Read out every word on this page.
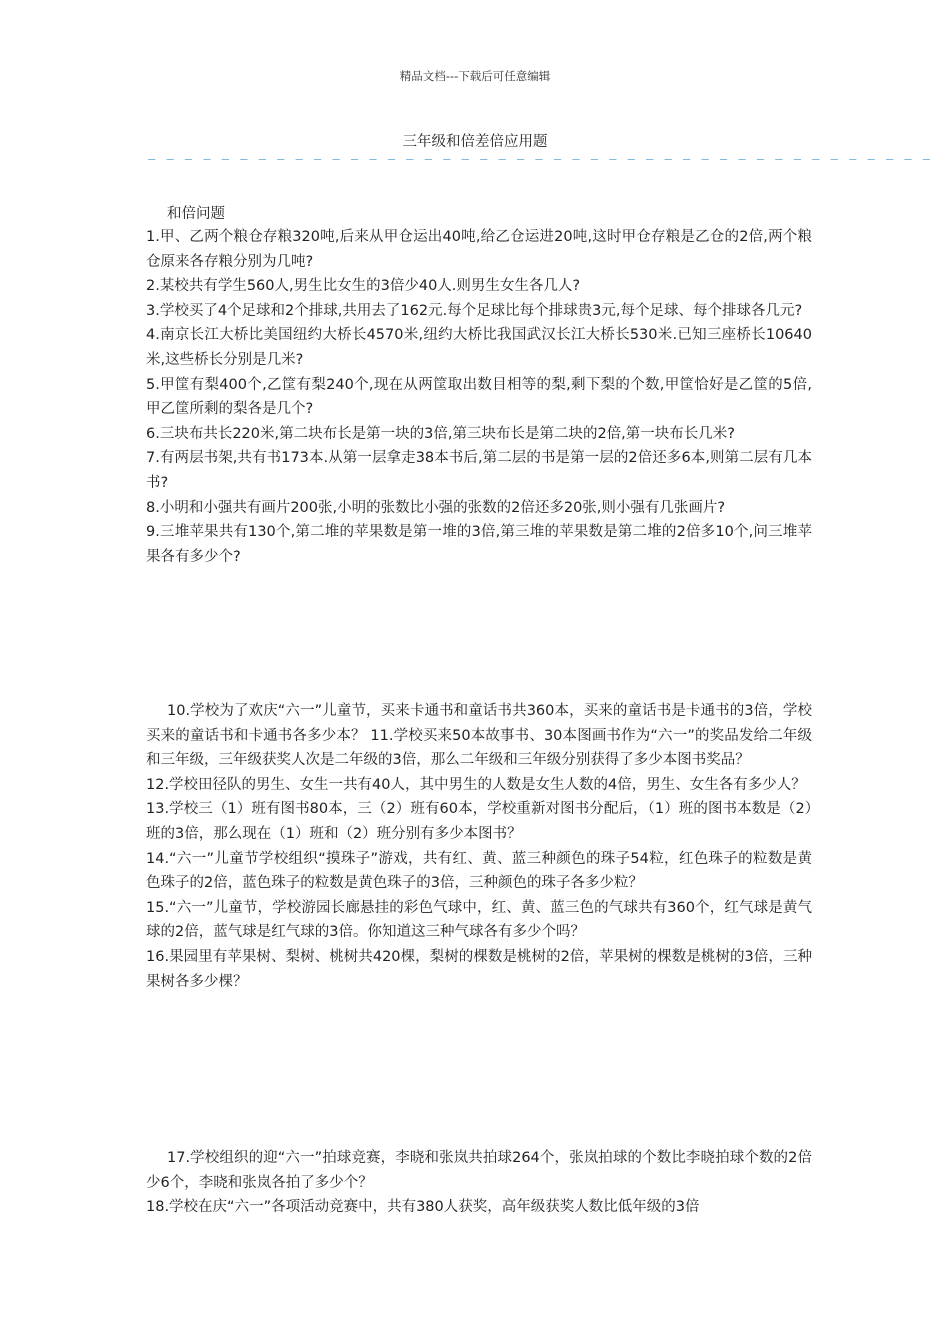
精品文档---下载后可任意编辑
三年级和倍差倍应用题
— — — — — — — — — — — — — — — — — — — — — — — — — — — — — — — — — — — — — — — — — — —
和倍问题

1.甲、乙两个粮仓存粮320吨,后来从甲仓运出40吨,给乙仓运进20吨,这时甲仓存粮是乙仓的2倍,两个粮仓原来各存粮分别为几吨?

2.某校共有学生560人,男生比女生的3倍少40人.则男生女生各几人?

3.学校买了4个足球和2个排球,共用去了162元.每个足球比每个排球贵3元,每个足球、每个排球各几元?

4.南京长江大桥比美国纽约大桥长4570米,纽约大桥比我国武汉长江大桥长530米.已知三座桥长10640米,这些桥长分别是几米?

5.甲筐有梨400个,乙筐有梨240个,现在从两筐取出数目相等的梨,剩下梨的个数,甲筐恰好是乙筐的5倍,甲乙筐所剩的梨各是几个?

6.三块布共长220米,第二块布长是第一块的3倍,第三块布长是第二块的2倍,第一块布长几米?

7.有两层书架,共有书173本.从第一层拿走38本书后,第二层的书是第一层的2倍还多6本,则第二层有几本书?

8.小明和小强共有画片200张,小明的张数比小强的张数的2倍还多20张,则小强有几张画片?

9.三堆苹果共有130个,第二堆的苹果数是第一堆的3倍,第三堆的苹果数是第二堆的2倍多10个,问三堆苹果各有多少个?

10.学校为了欢庆“六一”儿童节，买来卡通书和童话书共360本，买来的童话书是卡通书的3倍，学校买来的童话书和卡通书各多少本？ 11.学校买来50本故事书、30本图画书作为“六一”的奖品发给二年级和三年级，三年级获奖人次是二年级的3倍，那么二年级和三年级分别获得了多少本图书奖品？

12.学校田径队的男生、女生一共有40人，其中男生的人数是女生人数的4倍，男生、女生各有多少人？

13.学校三（1）班有图书80本，三（2）班有60本，学校重新对图书分配后，（1）班的图书本数是（2）班的3倍，那么现在（1）班和（2）班分别有多少本图书？

14.“六一”儿童节学校组织“摸珠子”游戏，共有红、黄、蓝三种颜色的珠子54粒，红色珠子的粒数是黄色珠子的2倍，蓝色珠子的粒数是黄色珠子的3倍，三种颜色的珠子各多少粒？

15.“六一”儿童节，学校游园长廊悬挂的彩色气球中，红、黄、蓝三色的气球共有360个，红气球是黄气球的2倍，蓝气球是红气球的3倍。你知道这三种气球各有多少个吗？

16.果园里有苹果树、梨树、桃树共420棵，梨树的棵数是桃树的2倍，苹果树的棵数是桃树的3倍，三种果树各多少棵？

17.学校组织的迎“六一”拍球竞赛，李晓和张岚共拍球264个，张岚拍球的个数比李晓拍球个数的2倍少6个，李晓和张岚各拍了多少个？

18.学校在庆“六一”各项活动竞赛中，共有380人获奖，高年级获奖人数比低年级的3倍
